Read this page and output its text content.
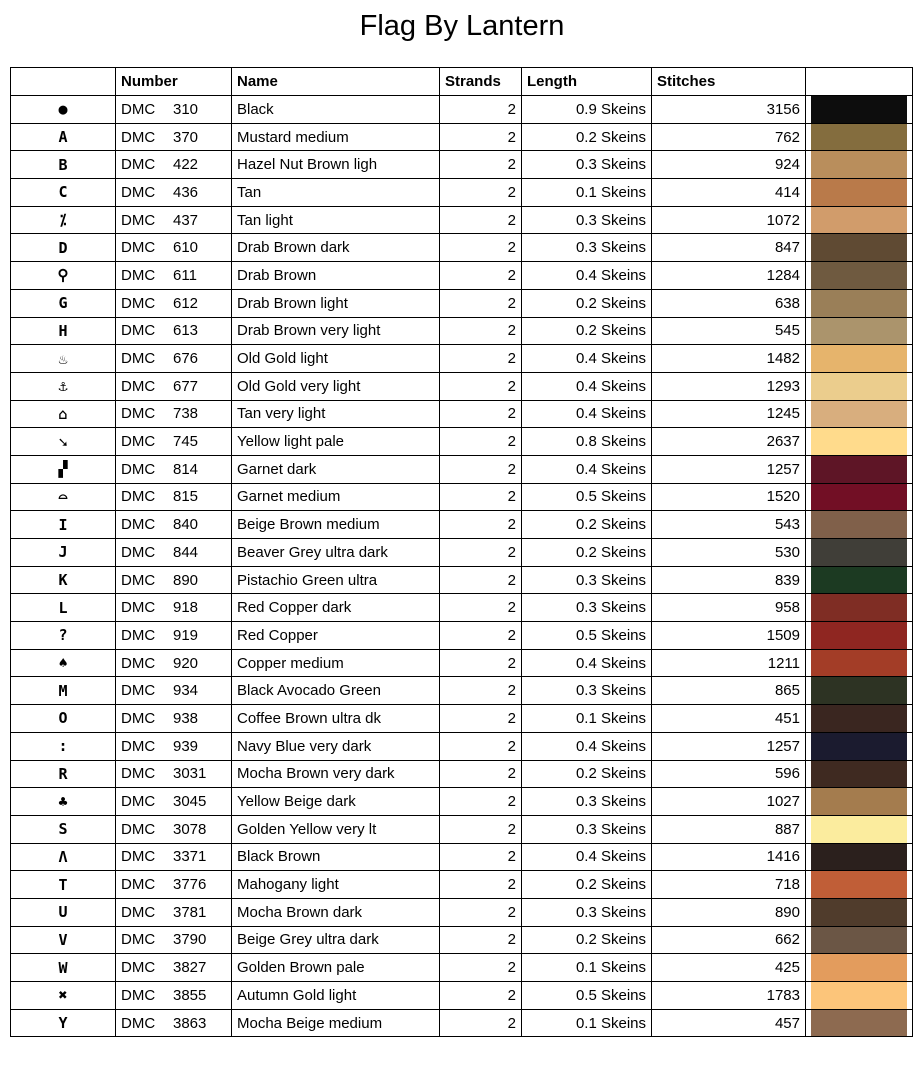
Flag By Lantern
	Number	Name	Strands	Length	Stitches	
●	DMC 310	Black	2	0.9 Skeins	3156	

A	DMC 370	Mustard medium	2	0.2 Skeins	762	

B	DMC 422	Hazel Nut Brown ligh	2	0.3 Skeins	924	

C	DMC 436	Tan	2	0.1 Skeins	414	

⁒	DMC 437	Tan light	2	0.3 Skeins	1072	

D	DMC 610	Drab Brown dark	2	0.3 Skeins	847	

⚲	DMC 611	Drab Brown	2	0.4 Skeins	1284	

G	DMC 612	Drab Brown light	2	0.2 Skeins	638	

H	DMC 613	Drab Brown very light	2	0.2 Skeins	545	

♨	DMC 676	Old Gold light	2	0.4 Skeins	1482	

⚓	DMC 677	Old Gold very light	2	0.4 Skeins	1293	

⌂	DMC 738	Tan very light	2	0.4 Skeins	1245	

➘	DMC 745	Yellow light pale	2	0.8 Skeins	2637	

▞	DMC 814	Garnet dark	2	0.4 Skeins	1257	

⌓	DMC 815	Garnet medium	2	0.5 Skeins	1520	

I	DMC 840	Beige Brown medium	2	0.2 Skeins	543	

J	DMC 844	Beaver Grey ultra dark	2	0.2 Skeins	530	

K	DMC 890	Pistachio Green ultra	2	0.3 Skeins	839	

L	DMC 918	Red Copper dark	2	0.3 Skeins	958	

?	DMC 919	Red Copper	2	0.5 Skeins	1509	

♠	DMC 920	Copper medium	2	0.4 Skeins	1211	

M	DMC 934	Black Avocado Green	2	0.3 Skeins	865	

O	DMC 938	Coffee Brown ultra dk	2	0.1 Skeins	451	

:	DMC 939	Navy Blue very dark	2	0.4 Skeins	1257	

R	DMC 3031	Mocha Brown very dark	2	0.2 Skeins	596	

♣	DMC 3045	Yellow Beige dark	2	0.3 Skeins	1027	

S	DMC 3078	Golden Yellow very lt	2	0.3 Skeins	887	

Λ	DMC 3371	Black Brown	2	0.4 Skeins	1416	

T	DMC 3776	Mahogany light	2	0.2 Skeins	718	

U	DMC 3781	Mocha Brown dark	2	0.3 Skeins	890	

V	DMC 3790	Beige Grey ultra dark	2	0.2 Skeins	662	

W	DMC 3827	Golden Brown pale	2	0.1 Skeins	425	

✖	DMC 3855	Autumn Gold light	2	0.5 Skeins	1783	

Y	DMC 3863	Mocha Beige medium	2	0.1 Skeins	457	
